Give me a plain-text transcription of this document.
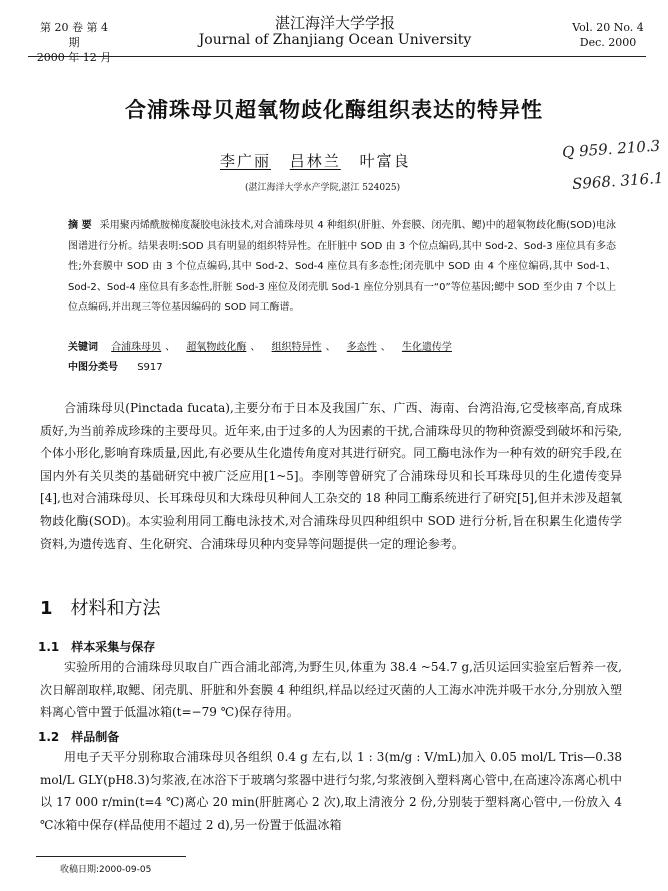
第 20 卷 第 4 期
2000 年 12 月
湛江海洋大学学报
Journal of Zhanjiang Ocean University
Vol. 20 No. 4
Dec. 2000
合浦珠母贝超氧物歧化酶组织表达的特异性
李广丽 吕林兰 叶富良
(湛江海洋大学水产学院,湛江 524025)
Q 959. 210.3
S968. 316.1
摘 要 采用聚丙烯酰胺梯度凝胶电泳技术,对合浦珠母贝 4 种组织(肝脏、外套膜、闭壳肌、鳃)中的超氧物歧化酶(SOD)电泳图谱进行分析。结果表明:SOD 具有明显的组织特异性。在肝脏中 SOD 由 3 个位点编码,其中 Sod-2、Sod-3 座位具有多态性;外套膜中 SOD 由 3 个位点编码,其中 Sod-2、Sod-4 座位具有多态性;闭壳肌中 SOD 由 4 个座位编码,其中 Sod-1、Sod-2、Sod-4 座位具有多态性,肝脏 Sod-3 座位及闭壳肌 Sod-1 座位分别具有一“0”等位基因;鳃中 SOD 至少由 7 个以上位点编码,并出现三等位基因编码的 SOD 同工酶谱。
关键词 合浦珠母贝 、 超氧物歧化酶 、 组织特异性 、 多态性 、 生化遗传学
中图分类号 S917
合浦珠母贝(Pinctada fucata),主要分布于日本及我国广东、广西、海南、台湾沿海,它受核率高,育成珠质好,为当前养成珍珠的主要母贝。近年来,由于过多的人为因素的干扰,合浦珠母贝的物种资源受到破坏和污染,个体小形化,影响育珠质量,因此,有必要从生化遗传角度对其进行研究。同工酶电泳作为一种有效的研究手段,在国内外有关贝类的基础研究中被广泛应用[1~5]。李刚等曾研究了合浦珠母贝和长耳珠母贝的生化遗传变异[4],也对合浦珠母贝、长耳珠母贝和大珠母贝种间人工杂交的 18 种同工酶系统进行了研究[5],但并未涉及超氧物歧化酶(SOD)。本实验利用同工酶电泳技术,对合浦珠母贝四种组织中 SOD 进行分析,旨在积累生化遗传学资料,为遗传选育、生化研究、合浦珠母贝种内变异等问题提供一定的理论参考。
1 材料和方法
1.1 样本采集与保存
实验所用的合浦珠母贝取自广西合浦北部湾,为野生贝,体重为 38.4 ~54.7 g,活贝运回实验室后暂养一夜,次日解剖取样,取鳃、闭壳肌、肝脏和外套膜 4 种组织,样品以经过灭菌的人工海水冲洗并吸干水分,分别放入塑料离心管中置于低温冰箱(t=−79 ℃)保存待用。
1.2 样品制备
用电子天平分别称取合浦珠母贝各组织 0.4 g 左右,以 1 : 3(m/g : V/mL)加入 0.05 mol/L Tris—0.38 mol/L GLY(pH8.3)匀浆液,在冰浴下于玻璃匀浆器中进行匀浆,匀浆液倒入塑料离心管中,在高速冷冻离心机中以 17 000 r/min(t=4 ℃)离心 20 min(肝脏离心 2 次),取上清液分 2 份,分别装于塑料离心管中,一份放入 4 ℃冰箱中保存(样品使用不超过 2 d),另一份置于低温冰箱
收稿日期:2000-09-05
